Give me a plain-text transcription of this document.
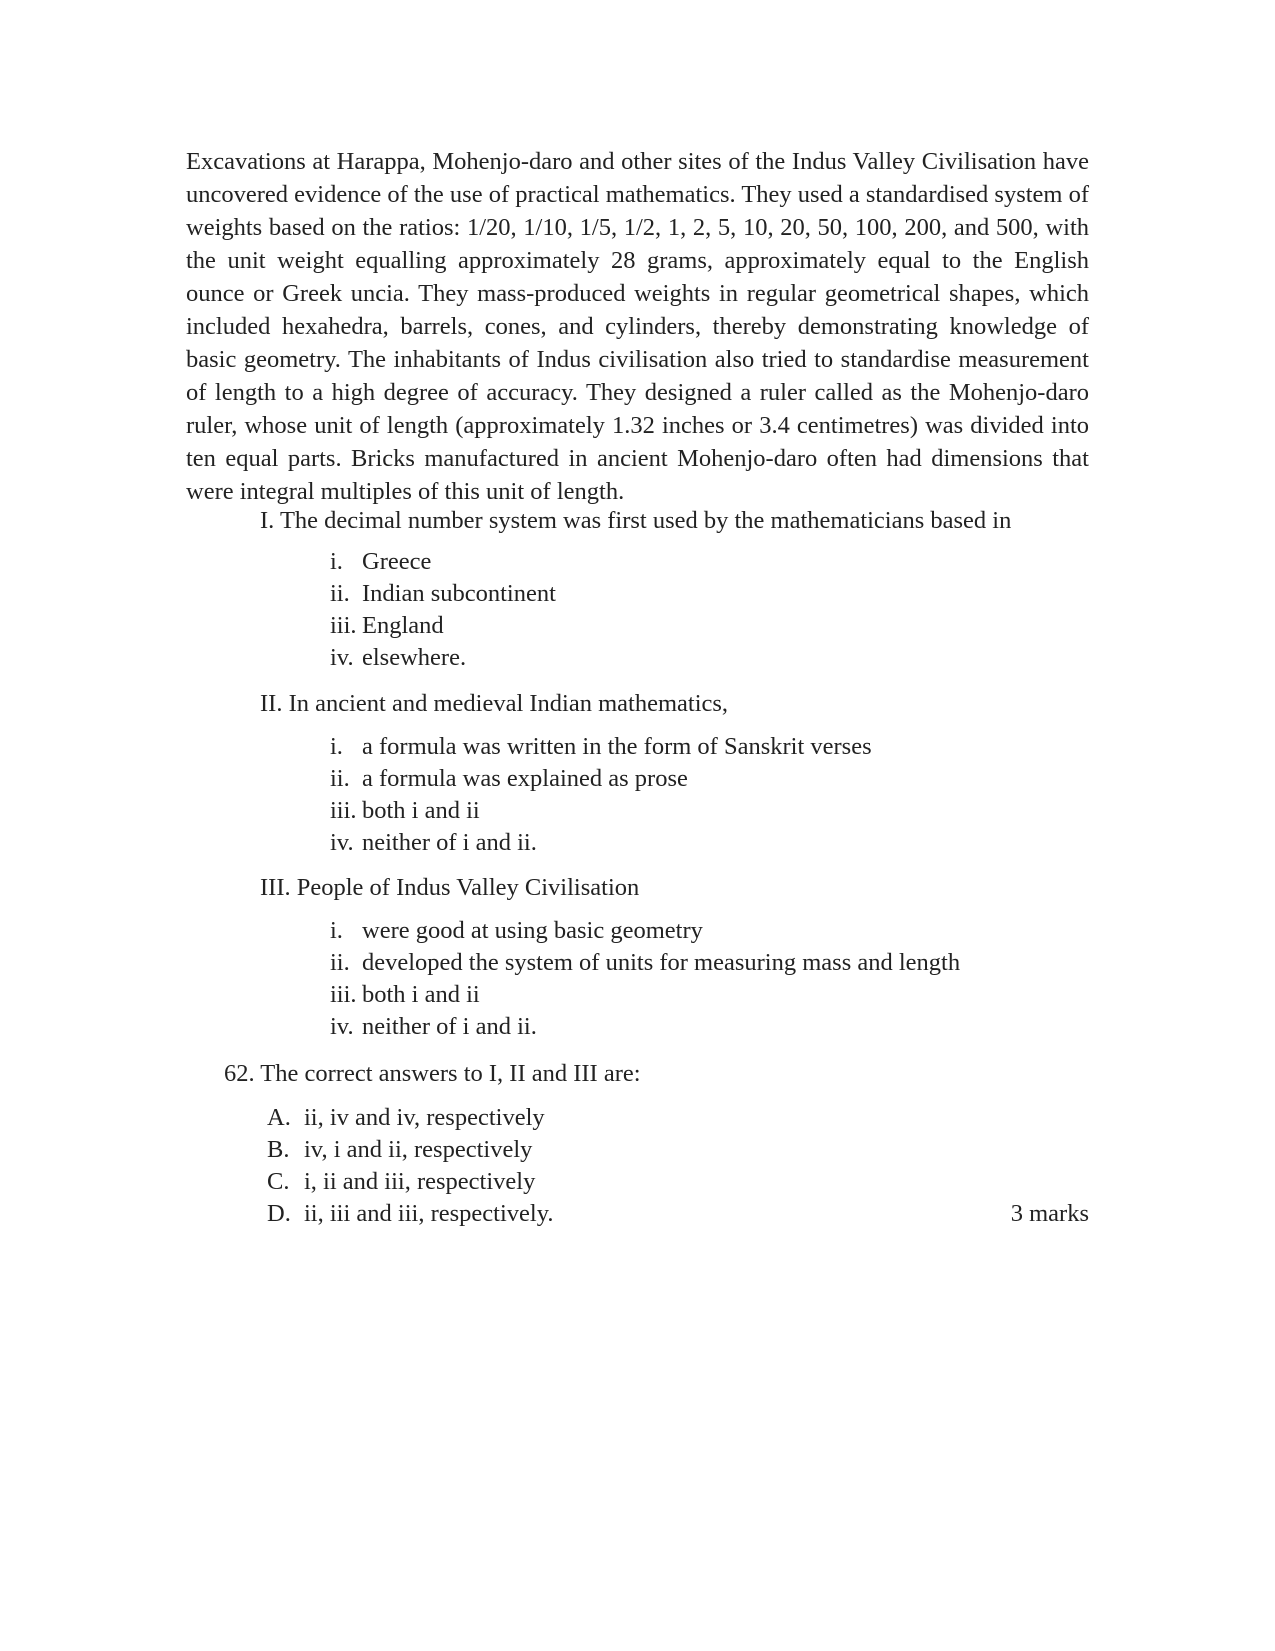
Excavations at Harappa, Mohenjo-daro and other sites of the Indus Valley Civilisation have uncovered evidence of the use of practical mathematics. They used a standardised system of weights based on the ratios: 1/20, 1/10, 1/5, 1/2, 1, 2, 5, 10, 20, 50, 100, 200, and 500, with the unit weight equalling approximately 28 grams, approximately equal to the English ounce or Greek uncia. They mass-produced weights in regular geometrical shapes, which included hexahedra, barrels, cones, and cylinders, thereby demonstrating knowledge of basic geometry. The inhabitants of Indus civilisation also tried to standardise measurement of length to a high degree of accuracy. They designed a ruler called as the Mohenjo-daro ruler, whose unit of length (approximately 1.32 inches or 3.4 centimetres) was divided into ten equal parts. Bricks manufactured in ancient Mohenjo-daro often had dimensions that were integral multiples of this unit of length.

I. The decimal number system was first used by the mathematicians based in
i. Greece
ii. Indian subcontinent
iii. England
iv. elsewhere.
II. In ancient and medieval Indian mathematics,
i. a formula was written in the form of Sanskrit verses
ii. a formula was explained as prose
iii. both i and ii
iv. neither of i and ii.
III. People of Indus Valley Civilisation
i. were good at using basic geometry
ii. developed the system of units for measuring mass and length
iii. both i and ii
iv. neither of i and ii.
62. The correct answers to I, II and III are:
A. ii, iv and iv, respectively
B. iv, i and ii, respectively
C. i, ii and iii, respectively
D. ii, iii and iii, respectively.	3 marks
